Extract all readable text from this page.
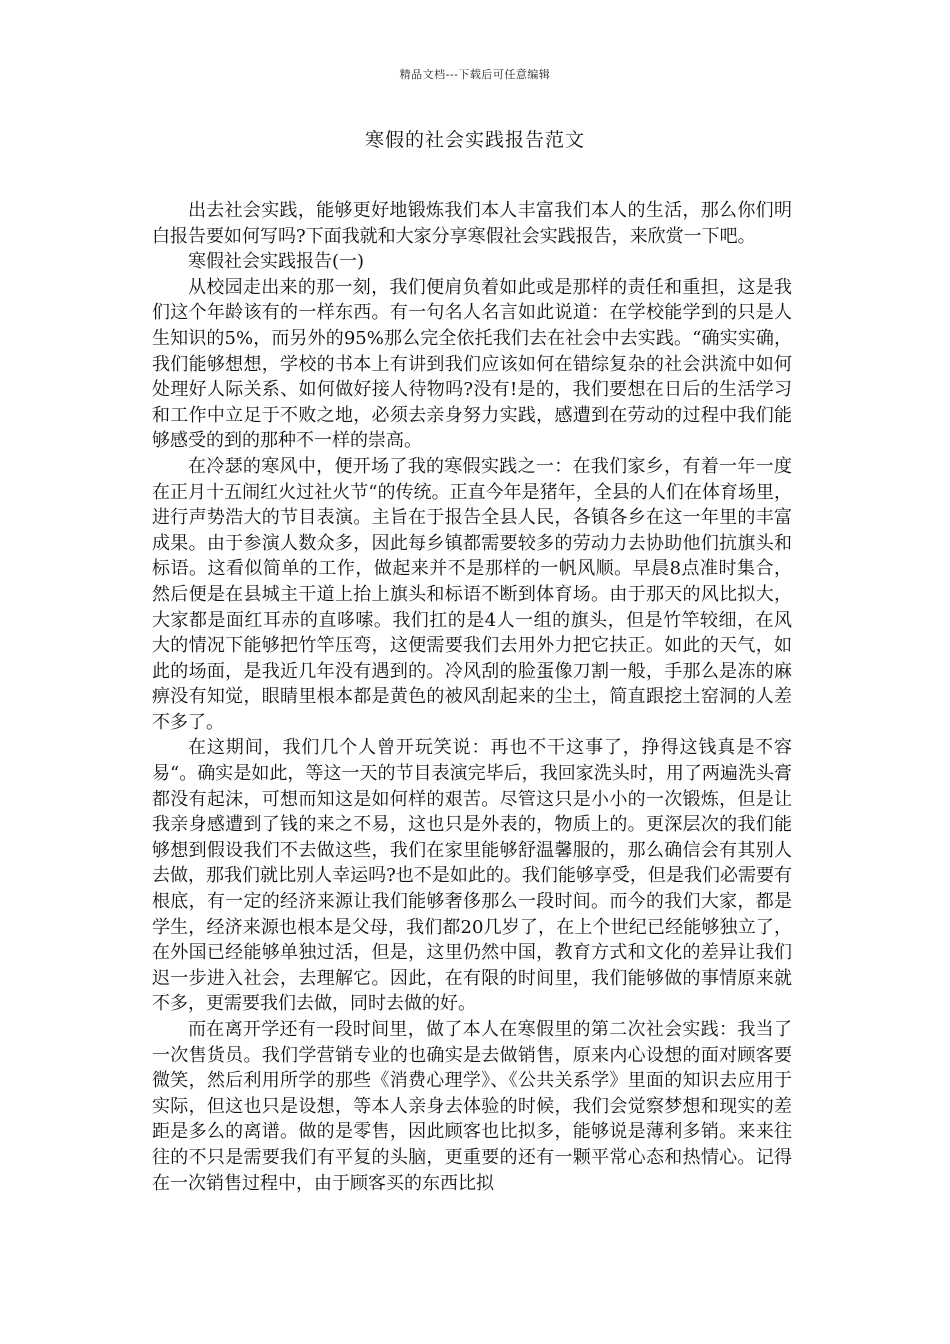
精品文档---下载后可任意编辑
寒假的社会实践报告范文

出去社会实践，能够更好地锻炼我们本人丰富我们本人的生活，那么你们明白报告要如何写吗?下面我就和大家分享寒假社会实践报告，来欣赏一下吧。

寒假社会实践报告(一)

从校园走出来的那一刻，我们便肩负着如此或是那样的责任和重担，这是我们这个年龄该有的一样东西。有一句名人名言如此说道：在学校能学到的只是人生知识的5%，而另外的95%那么完全依托我们去在社会中去实践。“确实实确，我们能够想想，学校的书本上有讲到我们应该如何在错综复杂的社会洪流中如何处理好人际关系、如何做好接人待物吗?没有!是的，我们要想在日后的生活学习和工作中立足于不败之地，必须去亲身努力实践，感遭到在劳动的过程中我们能够感受的到的那种不一样的崇高。

在冷瑟的寒风中，便开场了我的寒假实践之一：在我们家乡，有着一年一度在正月十五闹红火过社火节“的传统。正直今年是猪年，全县的人们在体育场里，进行声势浩大的节目表演。主旨在于报告全县人民，各镇各乡在这一年里的丰富成果。由于参演人数众多，因此每乡镇都需要较多的劳动力去协助他们抗旗头和标语。这看似简单的工作，做起来并不是那样的一帆风顺。早晨8点准时集合，然后便是在县城主干道上抬上旗头和标语不断到体育场。由于那天的风比拟大，大家都是面红耳赤的直哆嗦。我们扛的是4人一组的旗头，但是竹竿较细，在风大的情况下能够把竹竿压弯，这便需要我们去用外力把它扶正。如此的天气，如此的场面，是我近几年没有遇到的。冷风刮的脸蛋像刀割一般，手那么是冻的麻痹没有知觉，眼睛里根本都是黄色的被风刮起来的尘土，简直跟挖土窑洞的人差不多了。

在这期间，我们几个人曾开玩笑说：再也不干这事了，挣得这钱真是不容易“。确实是如此，等这一天的节目表演完毕后，我回家洗头时，用了两遍洗头膏都没有起沫，可想而知这是如何样的艰苦。尽管这只是小小的一次锻炼，但是让我亲身感遭到了钱的来之不易，这也只是外表的，物质上的。更深层次的我们能够想到假设我们不去做这些，我们在家里能够舒温馨服的，那么确信会有其别人去做，那我们就比别人幸运吗?也不是如此的。我们能够享受，但是我们必需要有根底，有一定的经济来源让我们能够奢侈那么一段时间。而今的我们大家，都是学生，经济来源也根本是父母，我们都20几岁了，在上个世纪已经能够独立了，在外国已经能够单独过活，但是，这里仍然中国，教育方式和文化的差异让我们迟一步进入社会，去理解它。因此，在有限的时间里，我们能够做的事情原来就不多，更需要我们去做，同时去做的好。

而在离开学还有一段时间里，做了本人在寒假里的第二次社会实践：我当了一次售货员。我们学营销专业的也确实是去做销售，原来内心设想的面对顾客要微笑，然后利用所学的那些《消费心理学》、《公共关系学》里面的知识去应用于实际，但这也只是设想，等本人亲身去体验的时候，我们会觉察梦想和现实的差距是多么的离谱。做的是零售，因此顾客也比拟多，能够说是薄利多销。来来往往的不只是需要我们有平复的头脑，更重要的还有一颗平常心态和热情心。记得在一次销售过程中，由于顾客买的东西比拟
